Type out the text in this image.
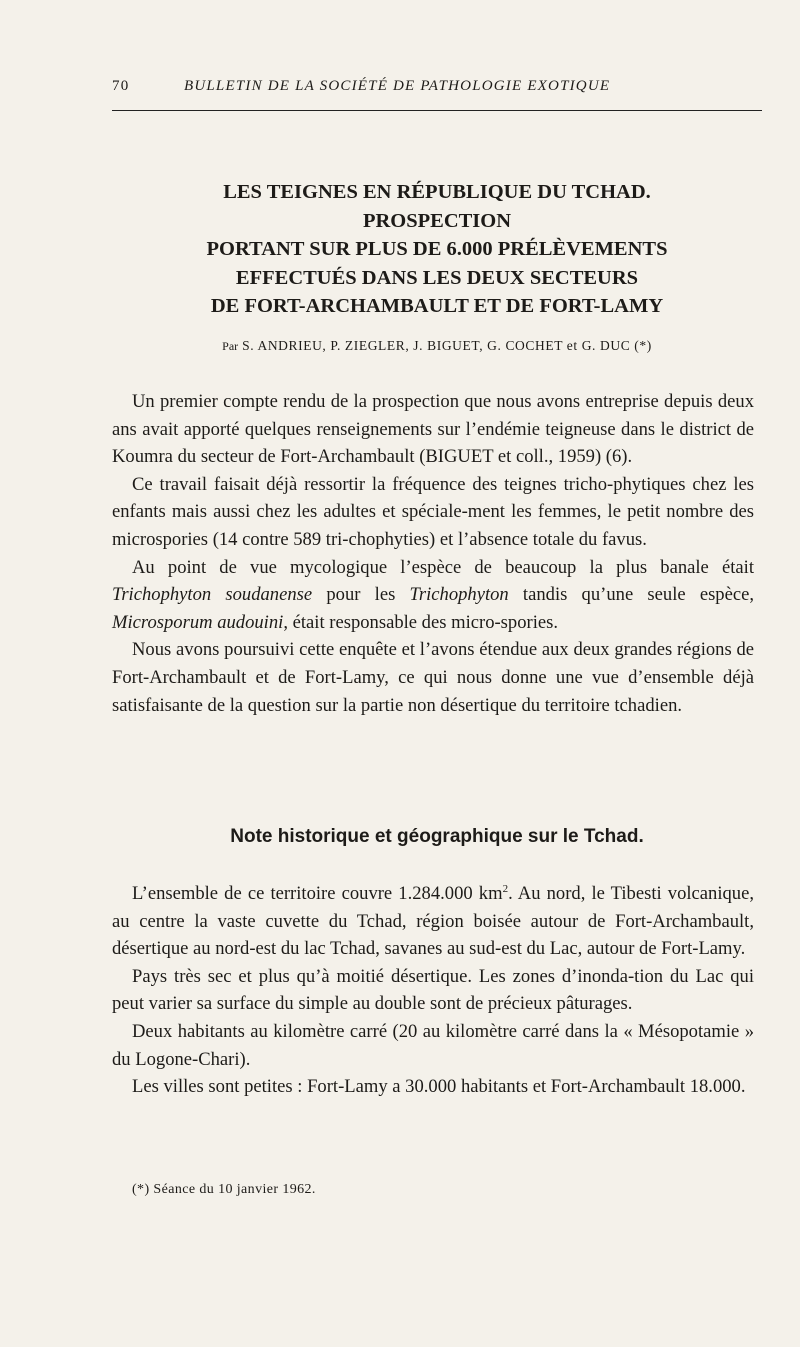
70	BULLETIN DE LA SOCIÉTÉ DE PATHOLOGIE EXOTIQUE
LES TEIGNES EN RÉPUBLIQUE DU TCHAD.
PROSPECTION
PORTANT SUR PLUS DE 6.000 PRÉLÈVEMENTS
EFFECTUÉS DANS LES DEUX SECTEURS
DE FORT-ARCHAMBAULT ET DE FORT-LAMY
Par S. ANDRIEU, P. ZIEGLER, J. BIGUET, G. COCHET et G. DUC (*)

Un premier compte rendu de la prospection que nous avons entreprise depuis deux ans avait apporté quelques renseignements sur l’endémie teigneuse dans le district de Koumra du secteur de Fort-Archambault (BIGUET et coll., 1959) (6).

Ce travail faisait déjà ressortir la fréquence des teignes tricho-phytiques chez les enfants mais aussi chez les adultes et spéciale-ment les femmes, le petit nombre des microspories (14 contre 589 tri-chophyties) et l’absence totale du favus.

Au point de vue mycologique l’espèce de beaucoup la plus banale était Trichophyton soudanense pour les Trichophyton tandis qu’une seule espèce, Microsporum audouini, était responsable des micro-spories.

Nous avons poursuivi cette enquête et l’avons étendue aux deux grandes régions de Fort-Archambault et de Fort-Lamy, ce qui nous donne une vue d’ensemble déjà satisfaisante de la question sur la partie non désertique du territoire tchadien.

Note historique et géographique sur le Tchad.

L’ensemble de ce territoire couvre 1.284.000 $km^2$. Au nord, le Tibesti volcanique, au centre la vaste cuvette du Tchad, région boisée autour de Fort-Archambault, désertique au nord-est du lac Tchad, savanes au sud-est du Lac, autour de Fort-Lamy.

Pays très sec et plus qu’à moitié désertique. Les zones d’inonda-tion du Lac qui peut varier sa surface du simple au double sont de précieux pâturages.

Deux habitants au kilomètre carré (20 au kilomètre carré dans la « Mésopotamie » du Logone-Chari).

Les villes sont petites : Fort-Lamy a 30.000 habitants et Fort-Archambault 18.000.

(*) Séance du 10 janvier 1962.
